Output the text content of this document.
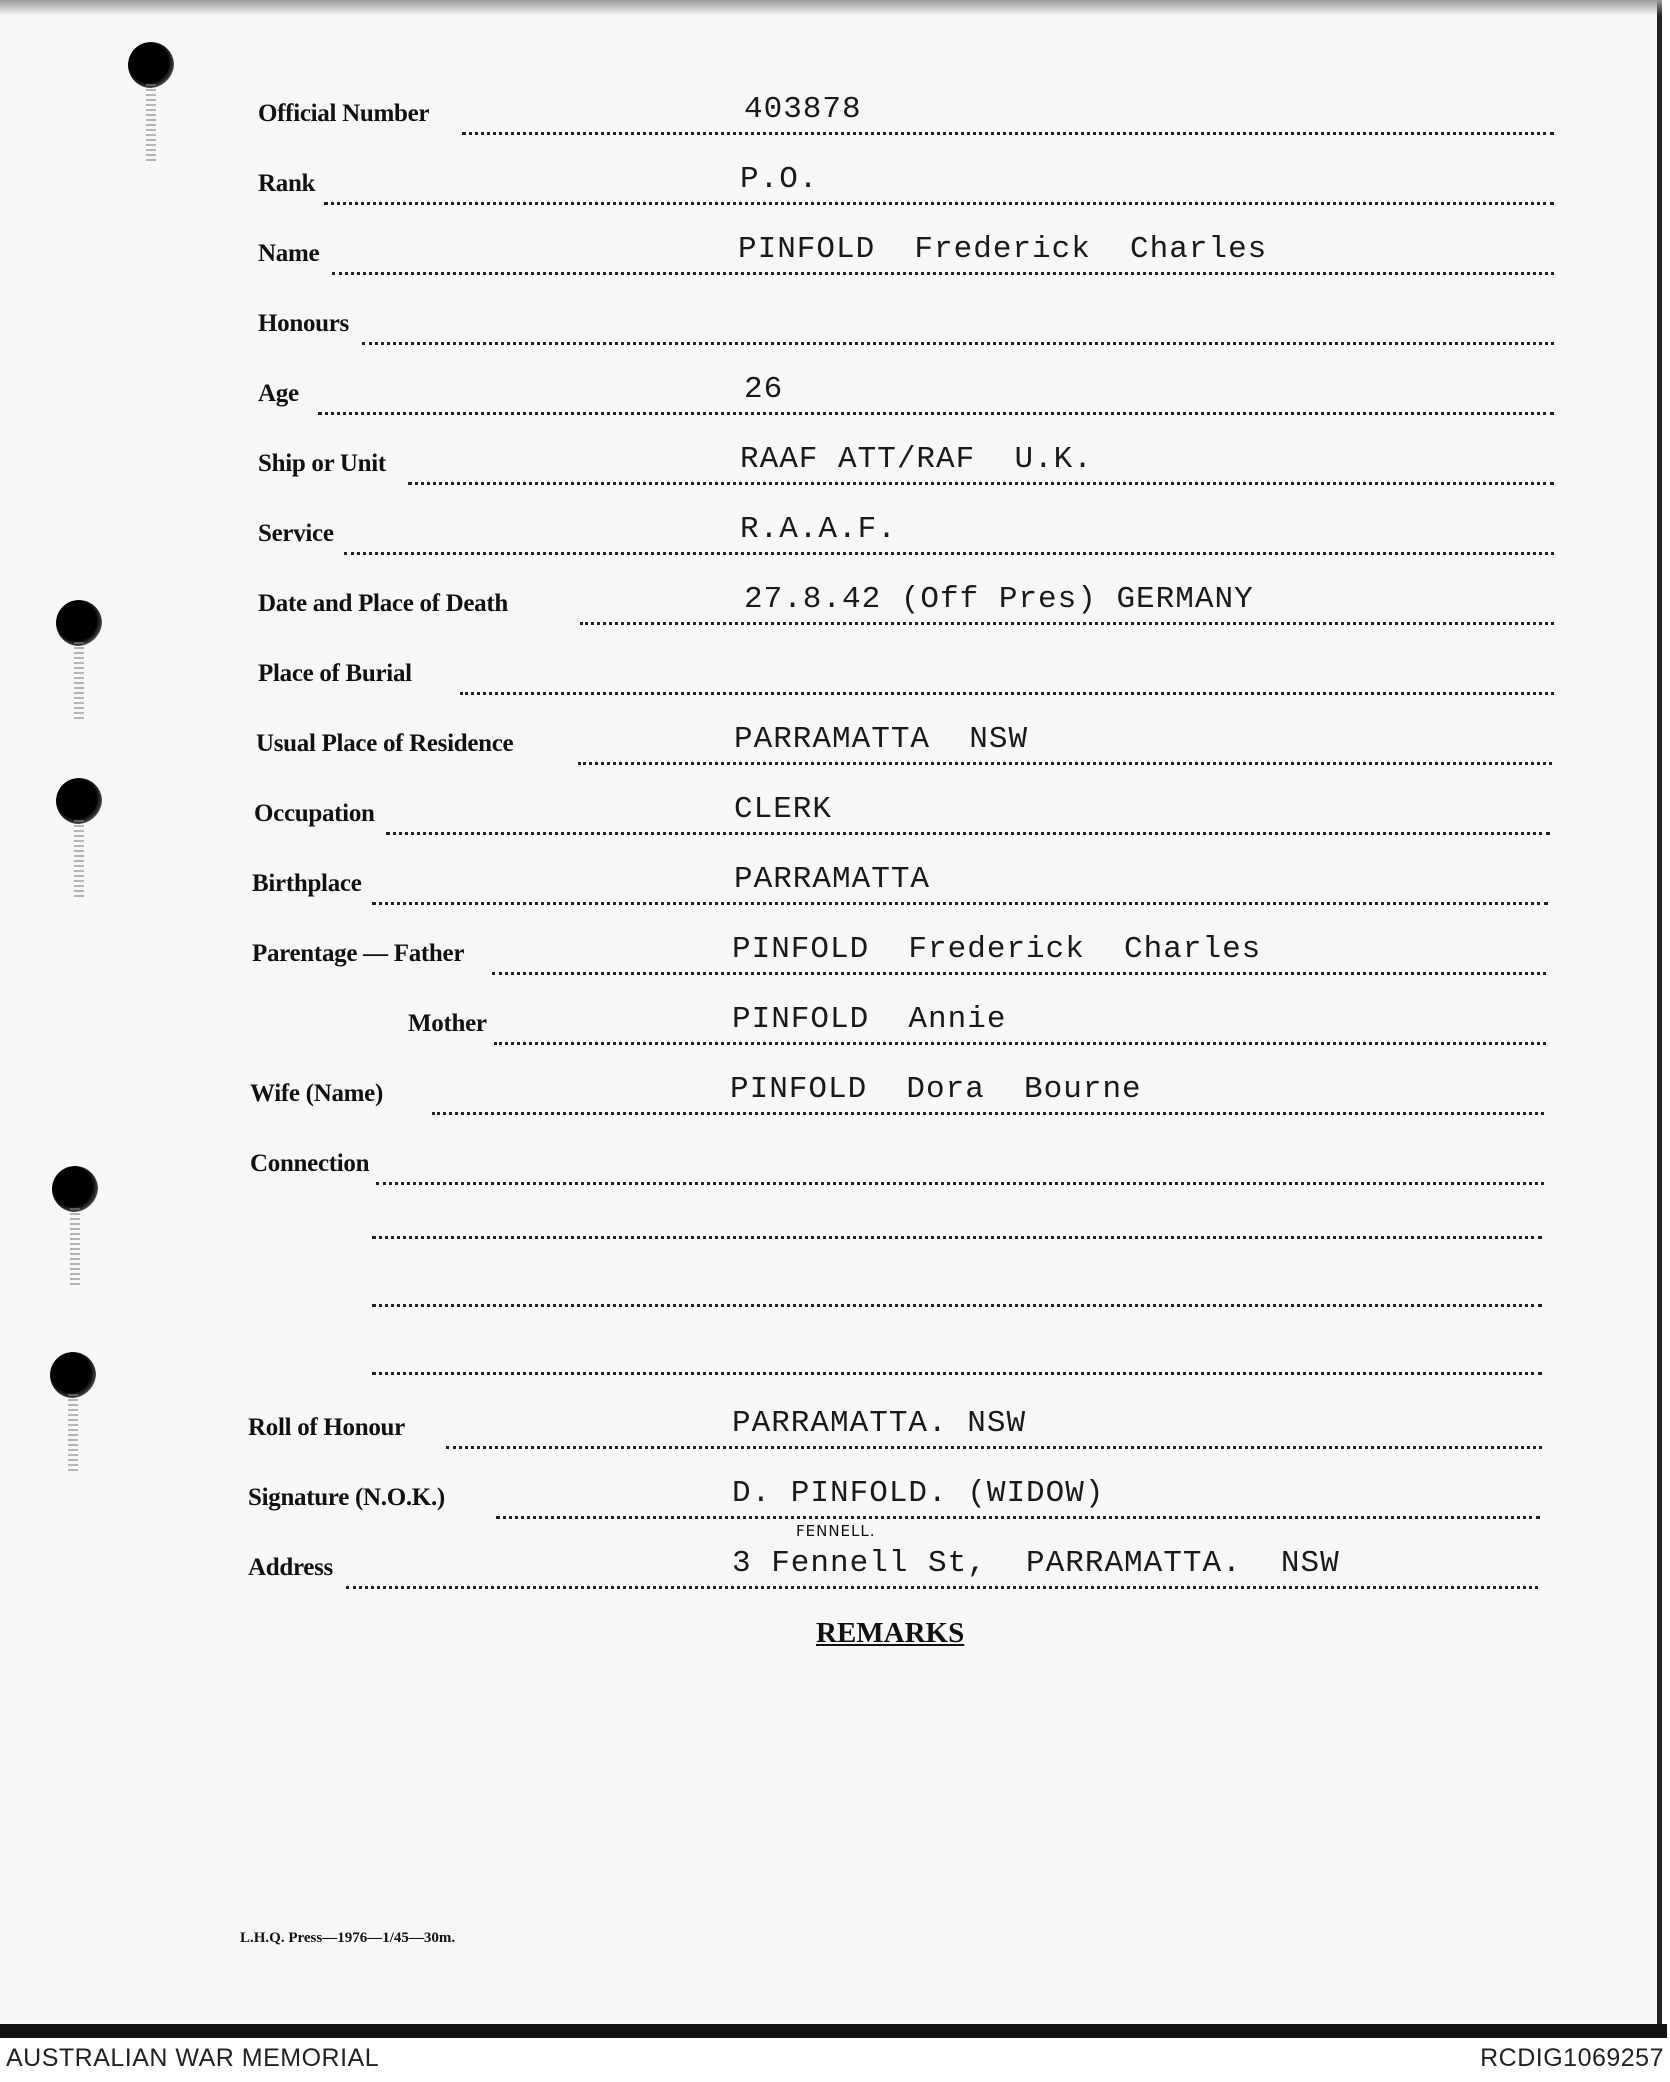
Official Number	403878
Rank	P.O.
Name	PINFOLD  Frederick  Charles
Honours
Age	26
Ship or Unit	RAAF ATT/RAF  U.K.
Service	R.A.A.F.
Date and Place of Death	27.8.42 (Off Pres) GERMANY
Place of Burial
Usual Place of Residence	PARRAMATTA  NSW
Occupation	CLERK
Birthplace	PARRAMATTA
Parentage — Father	PINFOLD  Frederick  Charles
Mother	PINFOLD  Annie
Wife (Name)	PINFOLD  Dora  Bourne
Connection
Roll of Honour	PARRAMATTA. NSW
Signature (N.O.K.)	D. PINFOLD. (WIDOW)
FENNELL.
Address	3 Fennell St,  PARRAMATTA.  NSW
REMARKS
L.H.Q. Press—1976—1/45—30m.
AUSTRALIAN WAR MEMORIAL	RCDIG1069257
